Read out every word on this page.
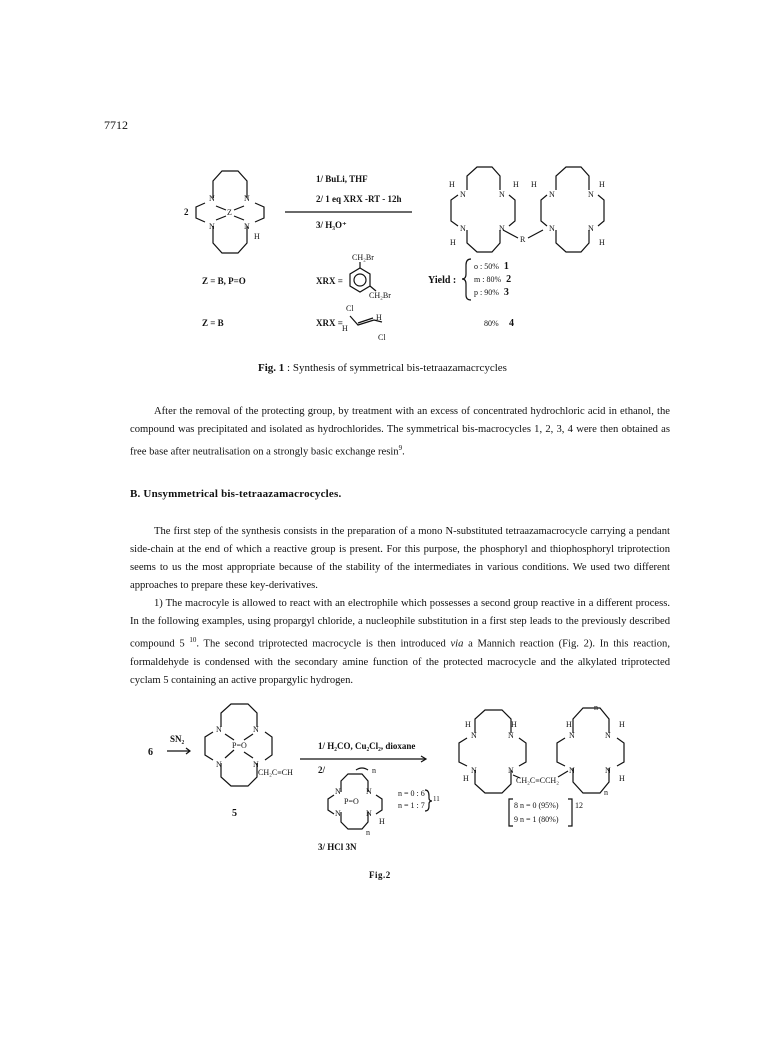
7712
2
N	N
N	N
Z
H
1/ BuLi, THF
2/ 1 eq XRX -RT - 12h
3/ H₃O⁺
H	H H	H
N	N	N	N
N	N	N	N
H	H
R
Z = B, P=O	XRX =
CH₂Br
CH₂Br
Yield :
o : 50% 1
m : 80% 2
p : 90% 3
Z = B	XRX =
Cl
Cl
H
H
80% 4
Fig. 1 : Synthesis of symmetrical bis-tetraazamacrcycles

After the removal of the protecting group, by treatment with an excess of concentrated hydrochloric acid in ethanol, the compound was precipitated and isolated as hydrochlorides. The symmetrical bis-macrocycles 1, 2, 3, 4 were then obtained as free base after neutralisation on a strongly basic exchange resin$^9$.

B. Unsymmetrical bis-tetraazamacrocycles.

The first step of the synthesis consists in the preparation of a mono N-substituted tetraazamacrocycle carrying a pendant side-chain at the end of which a reactive group is present. For this purpose, the phosphoryl and thiophosphoryl triprotection seems to us the most appropriate because of the stability of the intermediates in various conditions. We used two different approaches to prepare these key-derivatives.

1) The macrocyle is allowed to react with an electrophile which possesses a second group reactive in a different process. In the following examples, using propargyl chloride, a nucleophile substitution in a first step leads to the previously described compound 5 $^{10}$. The second triprotected macrocycle is then introduced via a Mannich reaction (Fig. 2). In this reaction, formaldehyde is condensed with the secondary amine function of the protected macrocycle and the alkylated triprotected cyclam 5 containing an active propargylic hydrogen.

6
SN₂
5
N	N
N	N
P=O
CH₂C≡CH
1/ H₂CO, Cu₂Cl₂, dioxane
2/
P=O
N	N
N	N
H
n
n
n = 0 : 6
n = 1 : 7
11
3/ HCl 3N
H	H	H	H
N	N
N	N
N	N
N	N
H	H
n
n
CH₂C≡CCH₂
8 n = 0 (95%)
9 n = 1 (80%)
12
Fig.2
